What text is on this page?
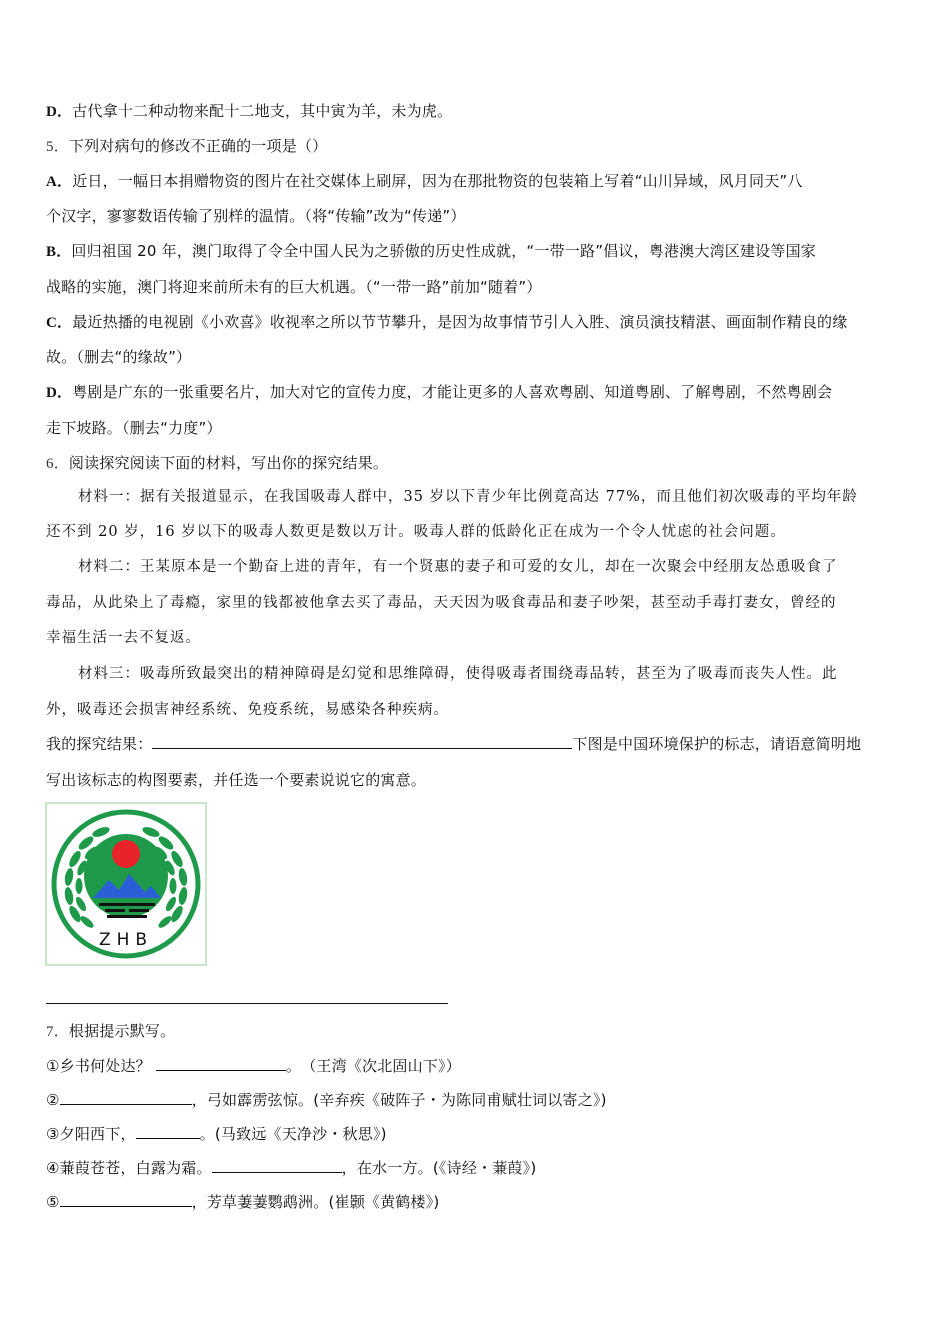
D．古代拿十二种动物来配十二地支，其中寅为羊，未为虎。
5．下列对病句的修改不正确的一项是（）
A．近日，一幅日本捐赠物资的图片在社交媒体上刷屏，因为在那批物资的包装箱上写着“山川异域，风月同天”八
个汉字，寥寥数语传输了别样的温情。（将“传输”改为“传递”）
B．回归祖国 20 年，澳门取得了令全中国人民为之骄傲的历史性成就，“一带一路”倡议，粤港澳大湾区建设等国家
战略的实施，澳门将迎来前所未有的巨大机遇。（“一带一路”前加“随着”）
C．最近热播的电视剧《小欢喜》收视率之所以节节攀升，是因为故事情节引人入胜、演员演技精湛、画面制作精良的缘
故。（删去“的缘故”）
D．粤剧是广东的一张重要名片，加大对它的宣传力度，才能让更多的人喜欢粤剧、知道粤剧、了解粤剧，不然粤剧会
走下坡路。（删去“力度”）
6．阅读探究阅读下面的材料，写出你的探究结果。
材料一：据有关报道显示，在我国吸毒人群中，35 岁以下青少年比例竟高达 77%，而且他们初次吸毒的平均年龄
还不到 20 岁，16 岁以下的吸毒人数更是数以万计。吸毒人群的低龄化正在成为一个令人忧虑的社会问题。
材料二：王某原本是一个勤奋上进的青年，有一个贤惠的妻子和可爱的女儿，却在一次聚会中经朋友怂恿吸食了
毒品，从此染上了毒瘾，家里的钱都被他拿去买了毒品，天天因为吸食毒品和妻子吵架，甚至动手毒打妻女，曾经的
幸福生活一去不复返。
材料三：吸毒所致最突出的精神障碍是幻觉和思维障碍，使得吸毒者围绕毒品转，甚至为了吸毒而丧失人性。此
外，吸毒还会损害神经系统、免疫系统，易感染各种疾病。
我的探究结果：	下图是中国环境保护的标志，请语意简明地
写出该标志的构图要素，并任选一个要素说说它的寓意。
ZHB
7．根据提示默写。
①乡书何处达？	。　（王湾《次北固山下》）
②	，弓如霹雳弦惊。(辛弃疾《破阵子・为陈同甫赋壮词以寄之》)
③夕阳西下，	。(马致远《天净沙・秋思》)
④蒹葭苍苍，白露为霜。	，在水一方。(《诗经・蒹葭》)
⑤	，芳草萋萋鹦鹉洲。(崔颢《黄鹤楼》)
